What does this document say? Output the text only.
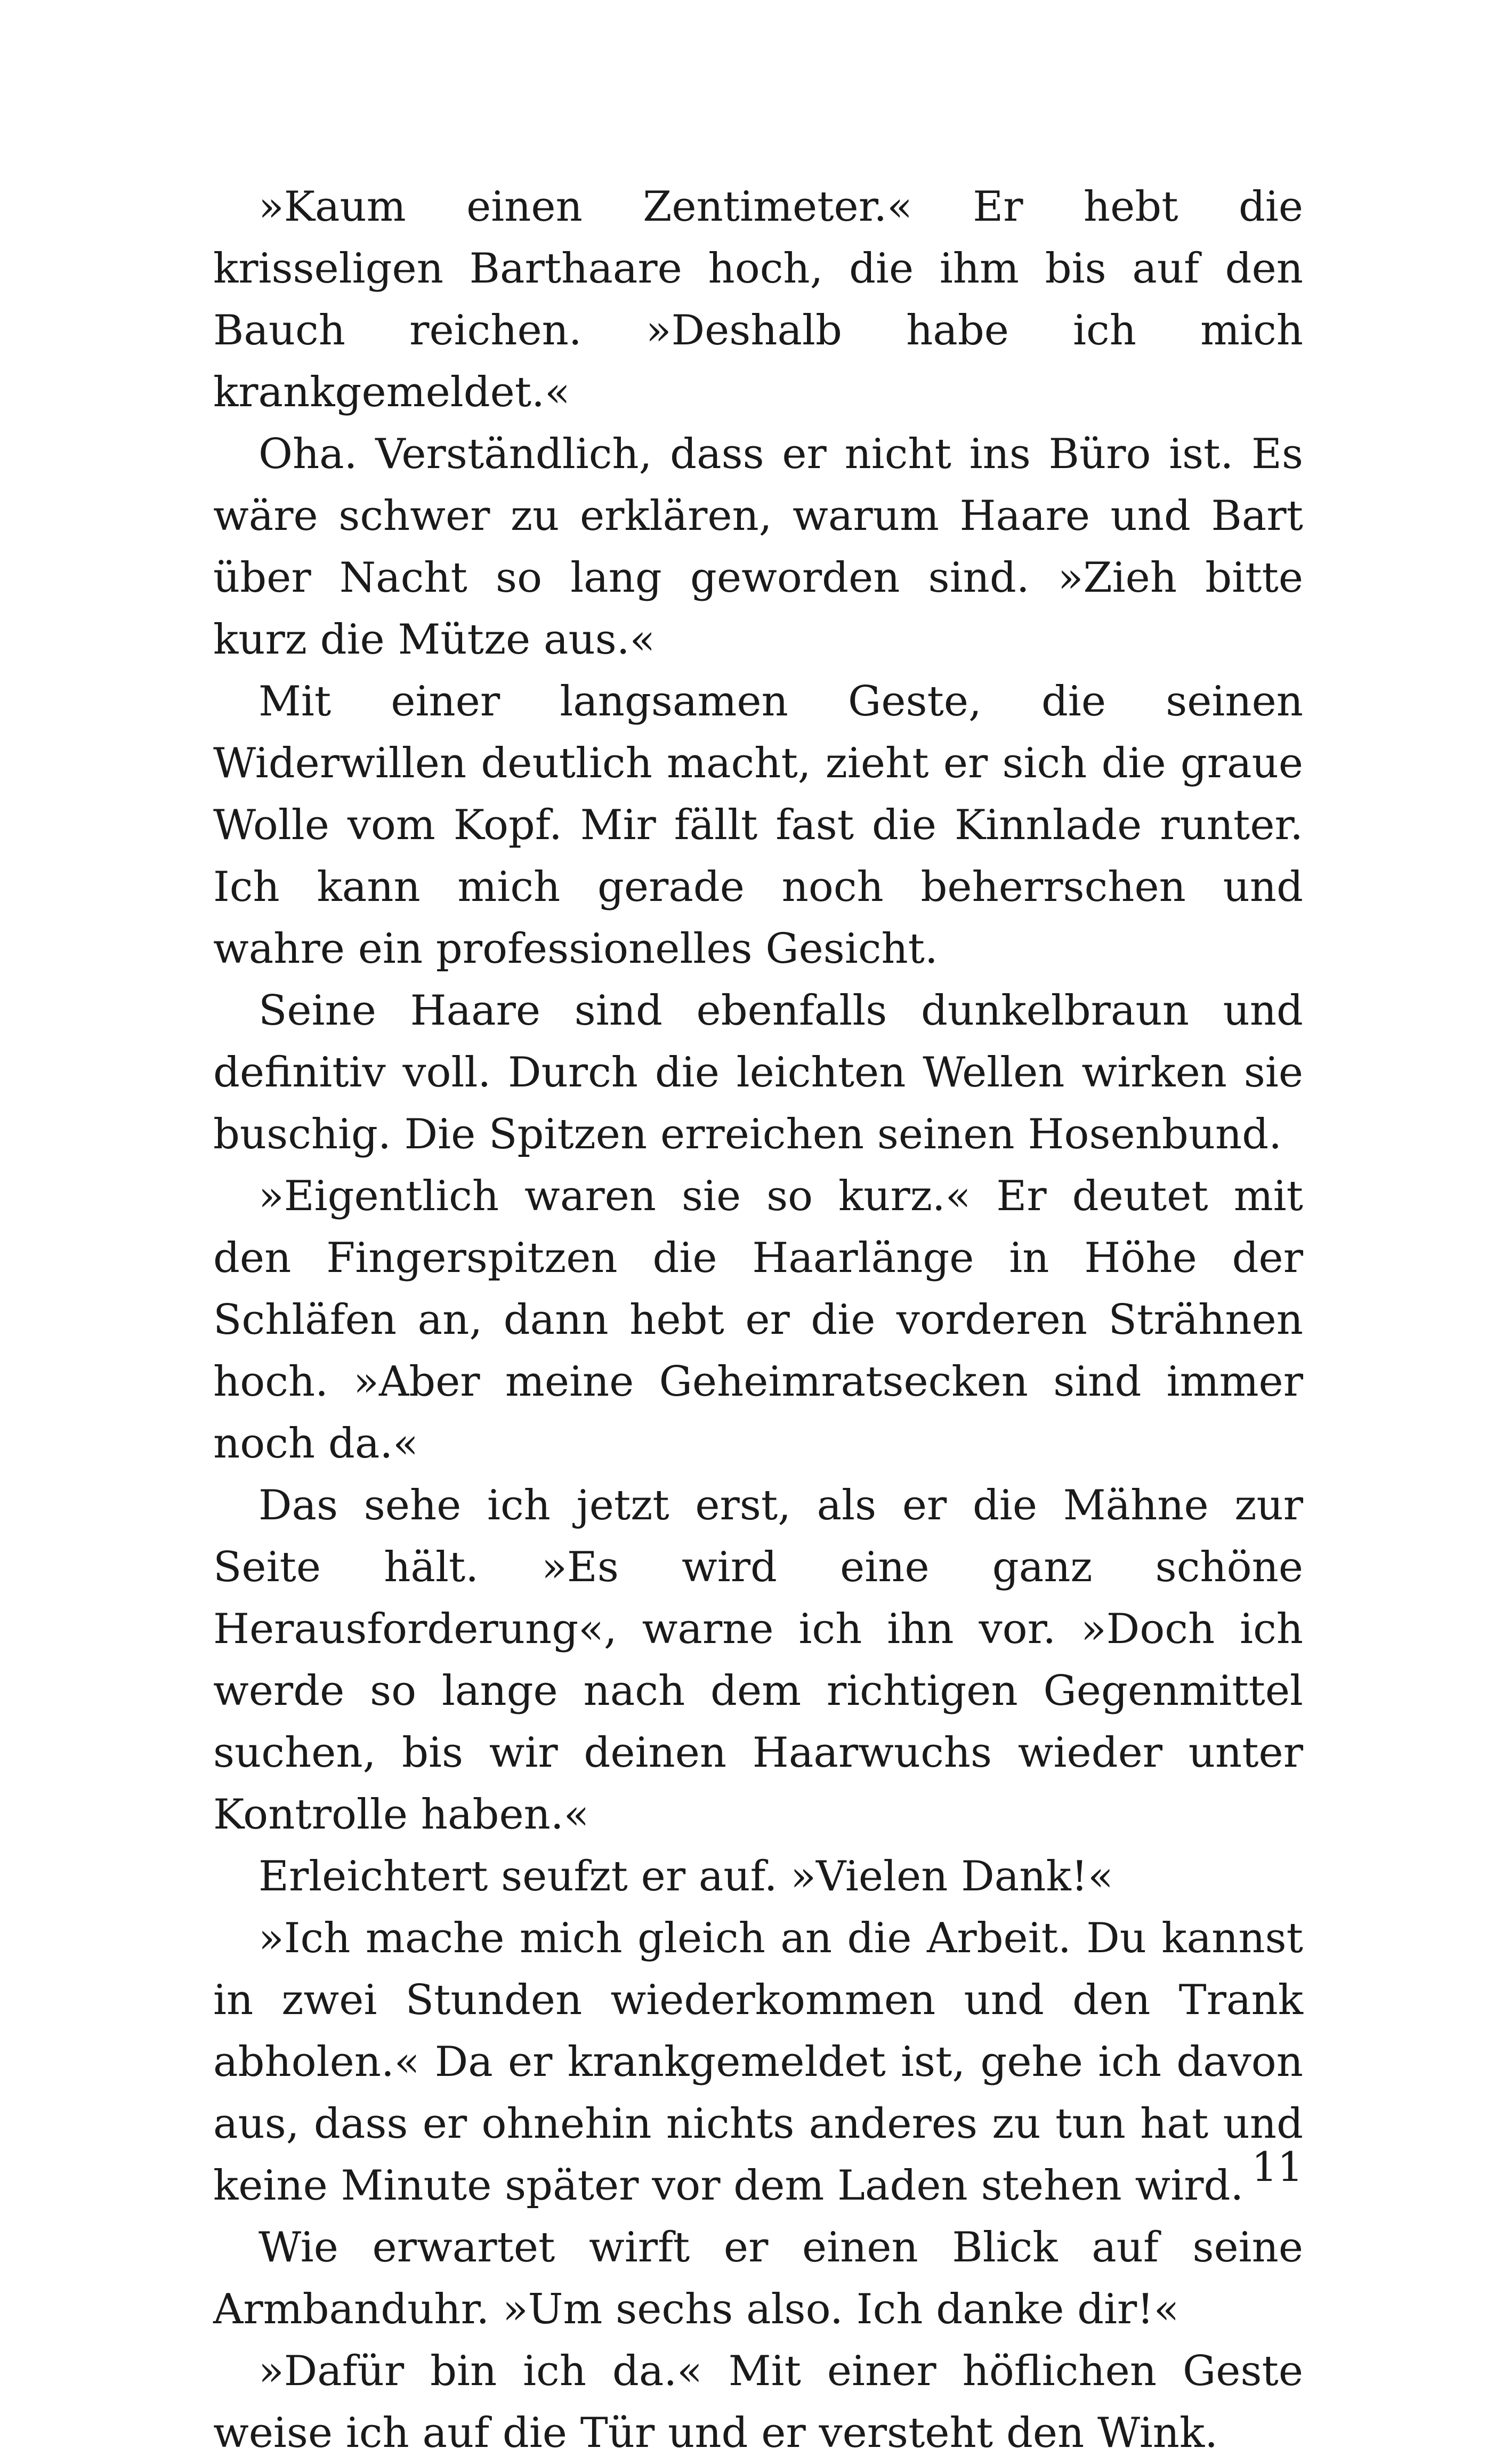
»Kaum einen Zentimeter.« Er hebt die krisseligen Barthaare hoch, die ihm bis auf den Bauch reichen. »Deshalb habe ich mich krankgemeldet.«

Oha. Verständlich, dass er nicht ins Büro ist. Es wäre schwer zu erklären, warum Haare und Bart über Nacht so lang geworden sind. »Zieh bitte kurz die Mütze aus.«

Mit einer langsamen Geste, die seinen Widerwillen deutlich macht, zieht er sich die graue Wolle vom Kopf. Mir fällt fast die Kinnlade runter. Ich kann mich gerade noch beherrschen und wahre ein professionelles Gesicht.

Seine Haare sind ebenfalls dunkelbraun und definitiv voll. Durch die leichten Wellen wirken sie buschig. Die Spitzen erreichen seinen Hosenbund.

»Eigentlich waren sie so kurz.« Er deutet mit den Fingerspitzen die Haarlänge in Höhe der Schläfen an, dann hebt er die vorderen Strähnen hoch. »Aber meine Geheimratsecken sind immer noch da.«

Das sehe ich jetzt erst, als er die Mähne zur Seite hält. »Es wird eine ganz schöne Herausforderung«, warne ich ihn vor. »Doch ich werde so lange nach dem richtigen Gegenmittel suchen, bis wir deinen Haarwuchs wieder unter Kontrolle haben.«

Erleichtert seufzt er auf. »Vielen Dank!«

»Ich mache mich gleich an die Arbeit. Du kannst in zwei Stunden wiederkommen und den Trank abholen.« Da er krankgemeldet ist, gehe ich davon aus, dass er ohnehin nichts anderes zu tun hat und keine Minute später vor dem Laden stehen wird.

Wie erwartet wirft er einen Blick auf seine Armbanduhr. »Um sechs also. Ich danke dir!«

»Dafür bin ich da.« Mit einer höflichen Geste weise ich auf die Tür und er versteht den Wink.

11
